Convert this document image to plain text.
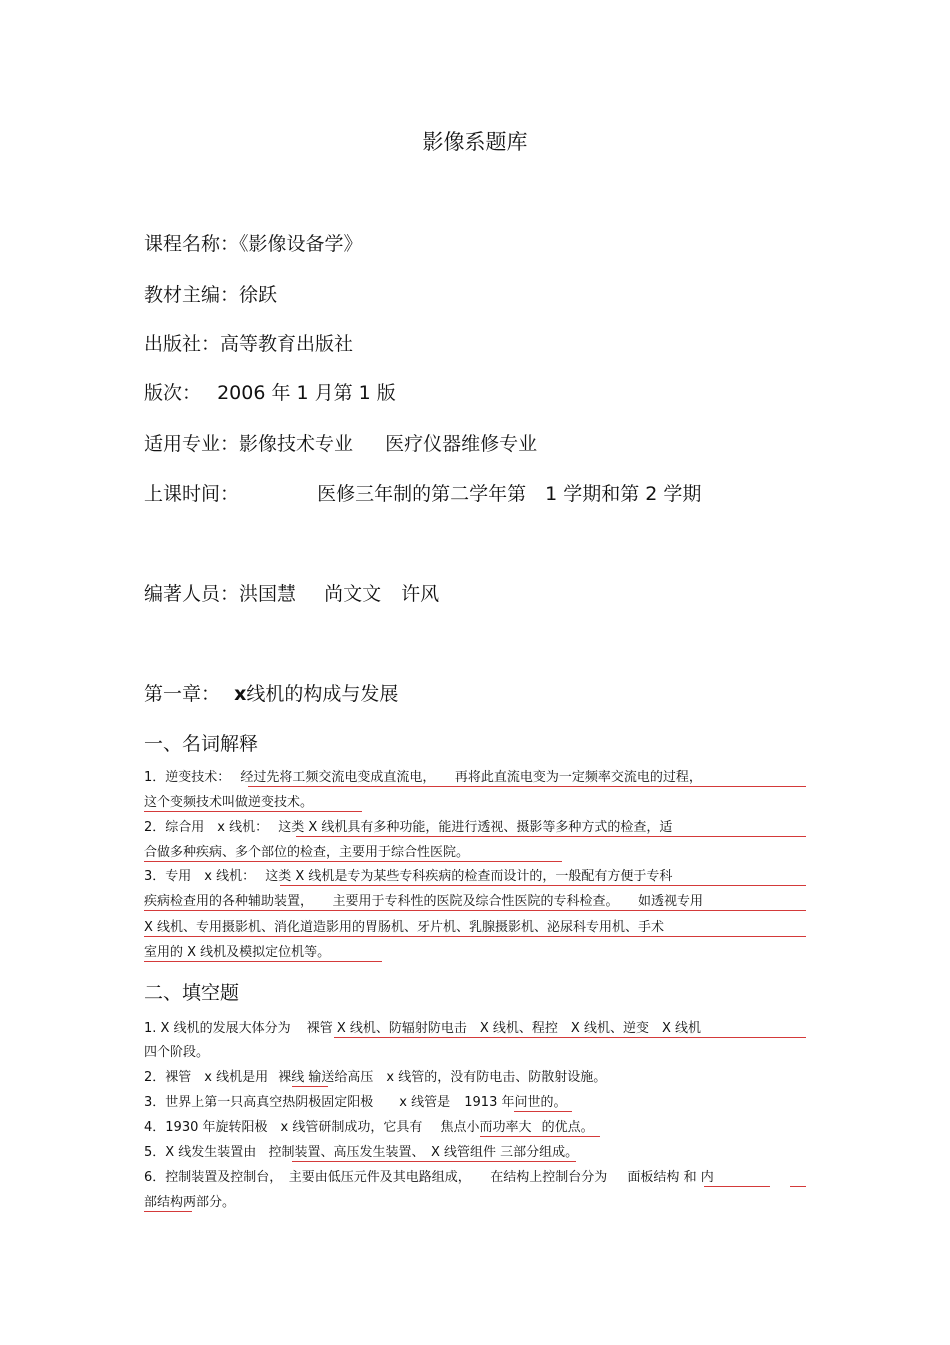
影像系题库
课程名称：《影像设备学》
教材主编：徐跃
出版社：高等教育出版社
版次： 2006 年 1 月第 1 版
适用专业：影像技术专业 医疗仪器维修专业
上课时间：	医修三年制的第二学年第　1 学期和第 2 学期
编著人员：洪国慧 尚文文 许风
第一章： x线机的构成与发展
一、名词解释
1．逆变技术： 经过先将工频交流电变成直流电，　　再将此直流电变为一定频率交流电的过程，
这个变频技术叫做逆变技术。
2．综合用　x 线机： 这类 X 线机具有多种功能，能进行透视、摄影等多种方式的检查，适
合做多种疾病、多个部位的检查，主要用于综合性医院。
3．专用　x 线机： 这类 X 线机是专为某些专科疾病的检查而设计的，一般配有方便于专科
疾病检查用的各种辅助装置，　　主要用于专科性的医院及综合性医院的专科检查。　　如透视专用
X 线机、专用摄影机、消化道造影用的胃肠机、牙片机、乳腺摄影机、泌尿科专用机、手术
室用的 X 线机及模拟定位机等。
二、填空题
1. X 线机的发展大体分为 裸管 X 线机、防辐射防电击　X 线机、程控　X 线机、逆变　X 线机
四个阶段。
2．裸管　x 线机是用 裸线 输送给高压　x 线管的，没有防电击、防散射设施。
3．世界上第一只高真空热阴极固定阳极　　x 线管是 1913 年问世的。
4．1930 年旋转阳极　x 线管研制成功，它具有 焦点小而功率大 的优点。
5．X 线发生装置由 控制装置、高压发生装置、　X 线管组件 三部分组成。
6．控制装置及控制台，　主要由低压元件及其电路组成，　　在结构上控制台分为 面板结构 和 内
部结构两部分。
